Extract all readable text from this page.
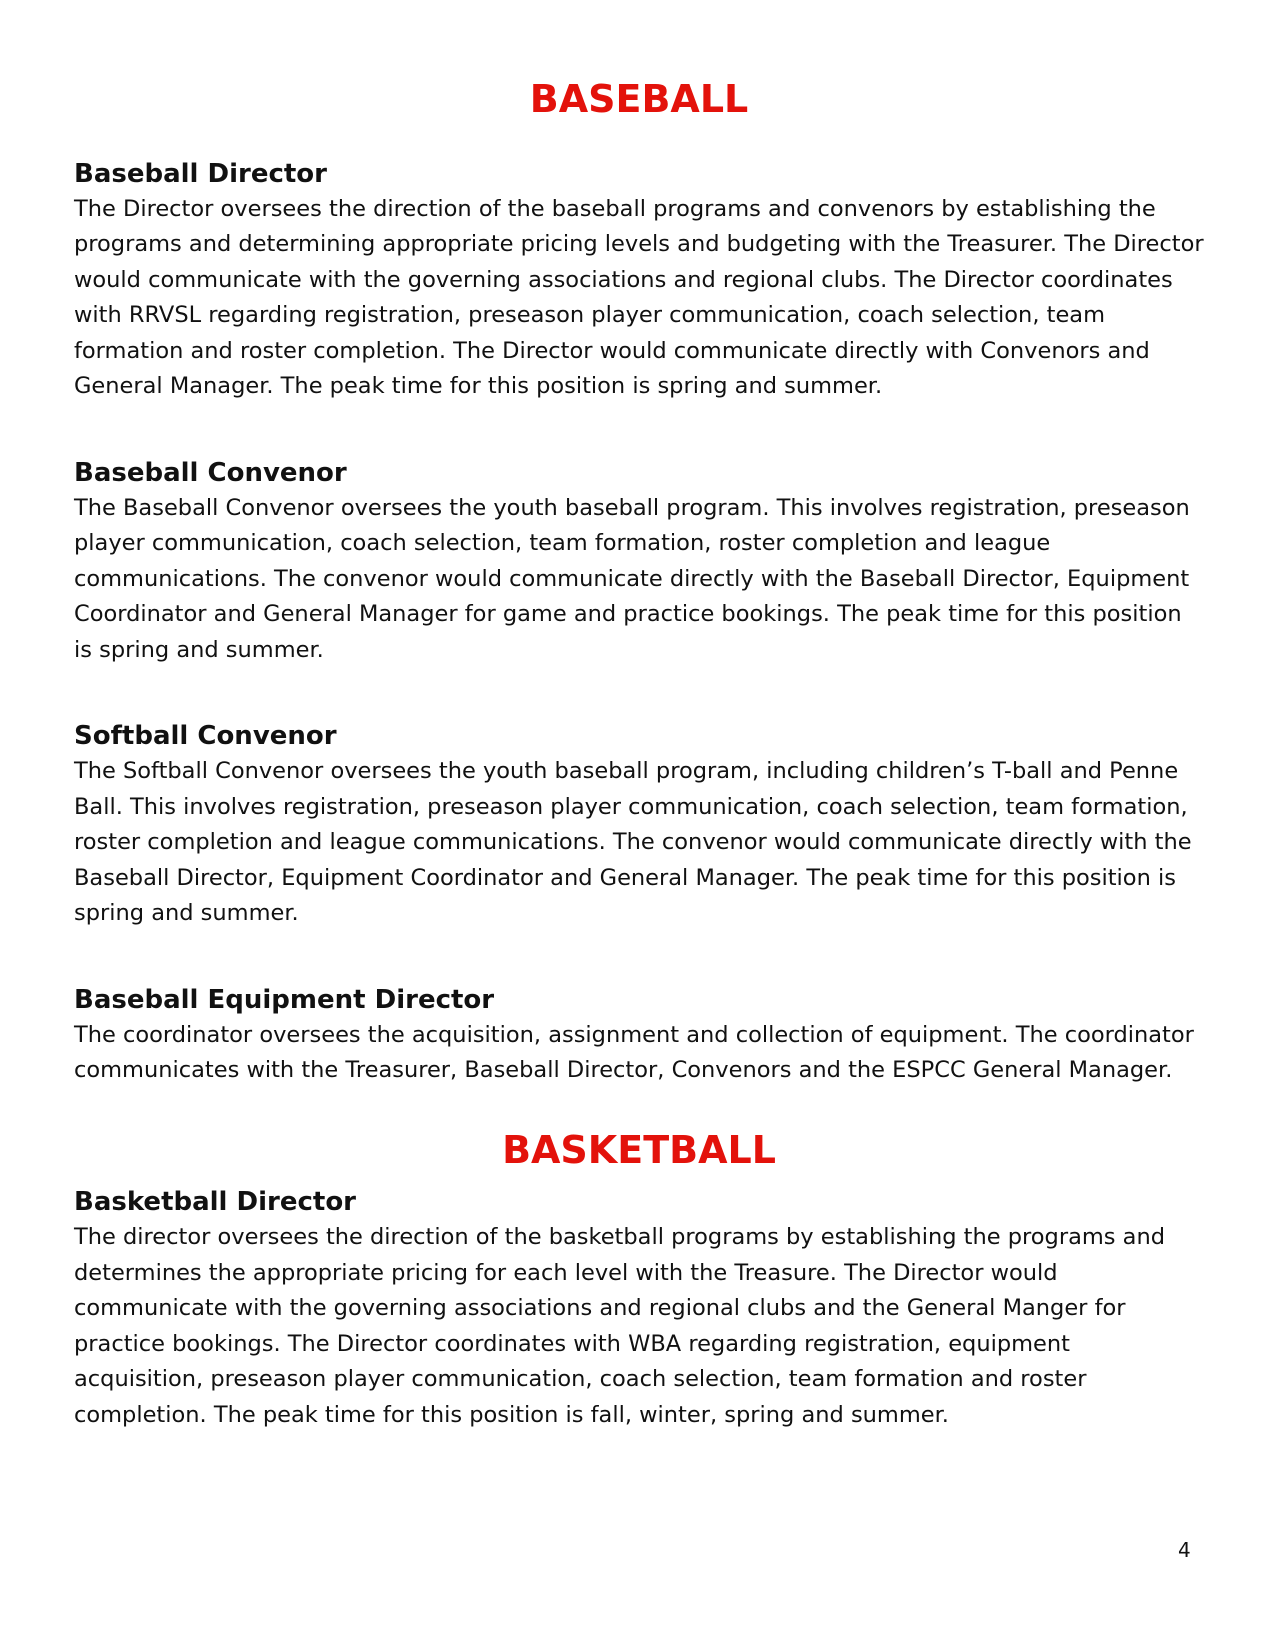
BASEBALL
Baseball Director

The Director oversees the direction of the baseball programs and convenors by establishing the programs and determining appropriate pricing levels and budgeting with the Treasurer. The Director would communicate with the governing associations and regional clubs. The Director coordinates with RRVSL regarding registration, preseason player communication, coach selection, team formation and roster completion. The Director would communicate directly with Convenors and General Manager. The peak time for this position is spring and summer.

Baseball Convenor

The Baseball Convenor oversees the youth baseball program. This involves registration, preseason player communication, coach selection, team formation, roster completion and league communications. The convenor would communicate directly with the Baseball Director, Equipment Coordinator and General Manager for game and practice bookings. The peak time for this position is spring and summer.

Softball Convenor

The Softball Convenor oversees the youth baseball program, including children’s T-ball and Penne Ball. This involves registration, preseason player communication, coach selection, team formation, roster completion and league communications. The convenor would communicate directly with the Baseball Director, Equipment Coordinator and General Manager. The peak time for this position is spring and summer.

Baseball Equipment Director

The coordinator oversees the acquisition, assignment and collection of equipment. The coordinator communicates with the Treasurer, Baseball Director, Convenors and the ESPCC General Manager.

BASKETBALL
Basketball Director

The director oversees the direction of the basketball programs by establishing the programs and determines the appropriate pricing for each level with the Treasure. The Director would communicate with the governing associations and regional clubs and the General Manger for practice bookings. The Director coordinates with WBA regarding registration, equipment acquisition, preseason player communication, coach selection, team formation and roster completion. The peak time for this position is fall, winter, spring and summer.

4
